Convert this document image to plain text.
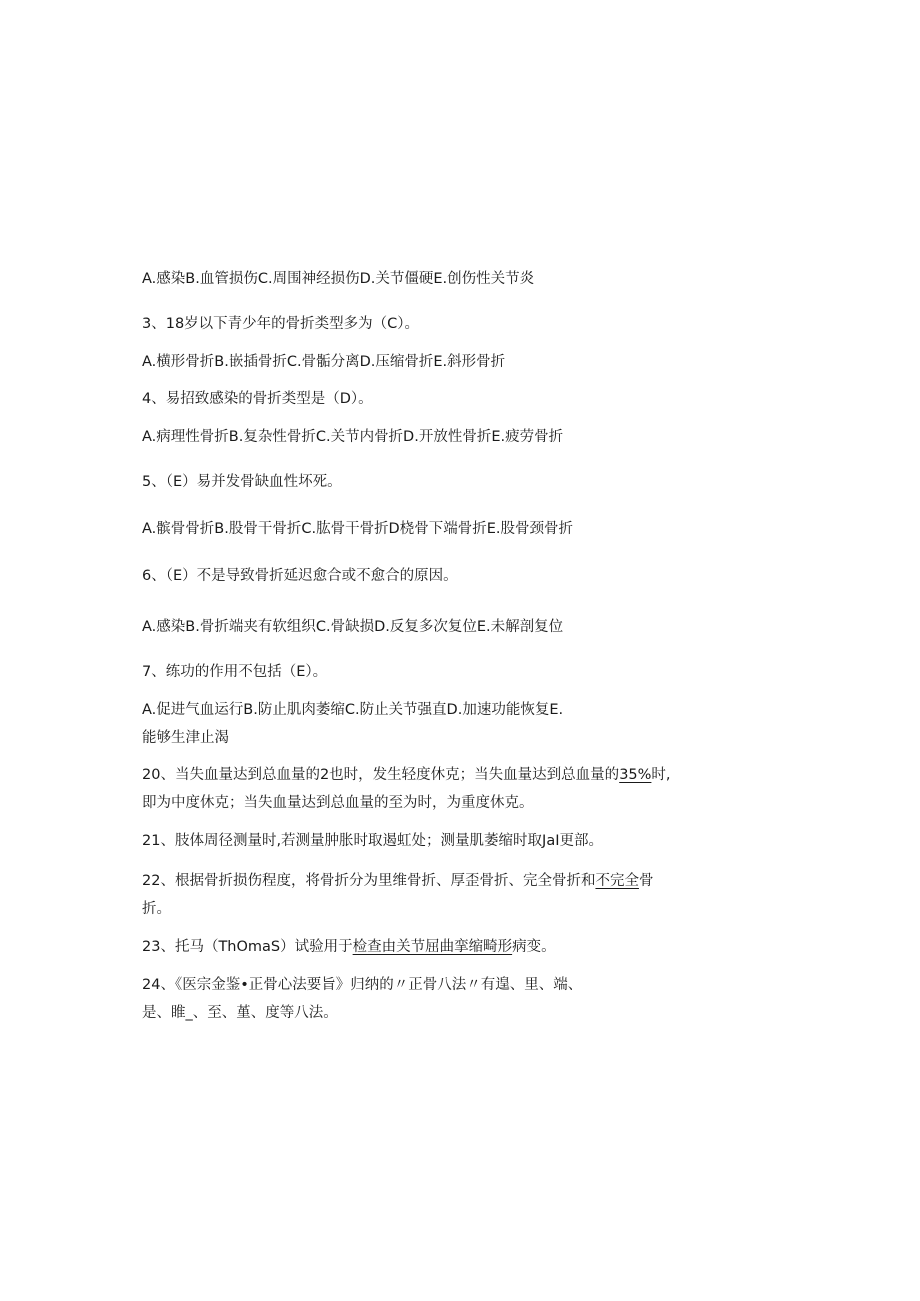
A.感染B.血管损伤C.周围神经损伤D.关节僵硬E.创伤性关节炎
3、18岁以下青少年的骨折类型多为（C）。
A.横形骨折B.嵌插骨折C.骨骺分离D.压缩骨折E.斜形骨折
4、易招致感染的骨折类型是（D）。
A.病理性骨折B.复杂性骨折C.关节内骨折D.开放性骨折E.疲劳骨折
5、（E）易并发骨缺血性坏死。
A.髌骨骨折B.股骨干骨折C.肱骨干骨折D桡骨下端骨折E.股骨颈骨折
6、（E）不是导致骨折延迟愈合或不愈合的原因。
A.感染B.骨折端夹有软组织C.骨缺损D.反复多次复位E.未解剖复位
7、练功的作用不包括（E）。
A.促进气血运行B.防止肌肉萎缩C.防止关节强直D.加速功能恢复E.
能够生津止渴
20、当失血量达到总血量的2也时，发生轻度休克；当失血量达到总血量的35%时,
即为中度休克；当失血量达到总血量的至为时，为重度休克。
21、肢体周径测量时,若测量肿胀时取遏虹处；测量肌萎缩时取JaI更部。
22、根据骨折损伤程度，将骨折分为里维骨折、厚歪骨折、完全骨折和不完全骨
折。
23、托马（ThOmaS）试验用于检查由关节屈曲挛缩畸形病变。
24、《医宗金鉴•正骨心法要旨》归纳的〃正骨八法〃有遑、里、端、
是、睢_、至、堇、度等八法。
